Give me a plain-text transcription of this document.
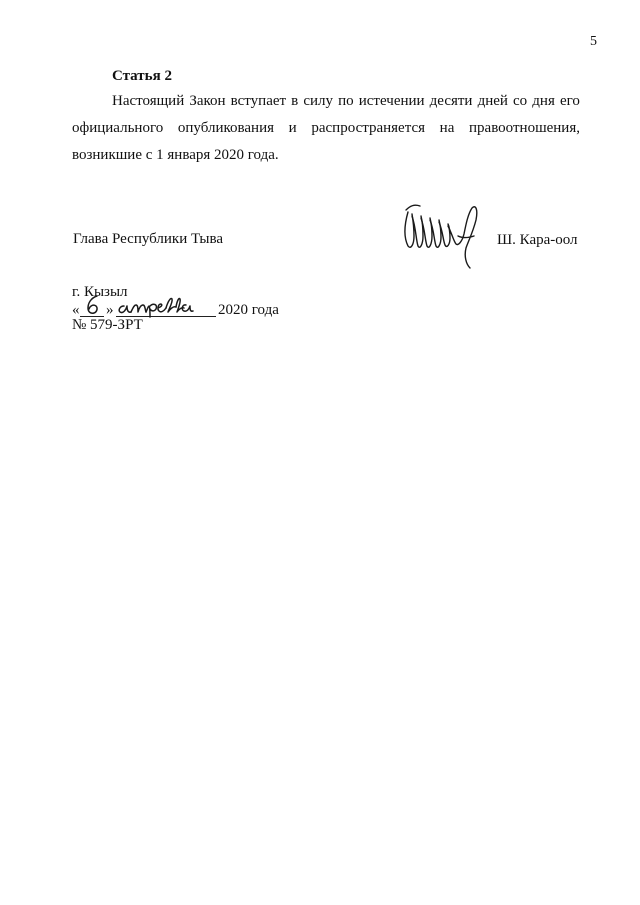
5
Статья 2
Настоящий Закон вступает в силу по истечении десяти дней со дня его
официального опубликования и распространяется на правоотношения,
возникшие с 1 января 2020 года.
Глава Республики Тыва	Ш. Кара-оол
г. Кызыл
« »	2020 года
№ 579-ЗРТ
